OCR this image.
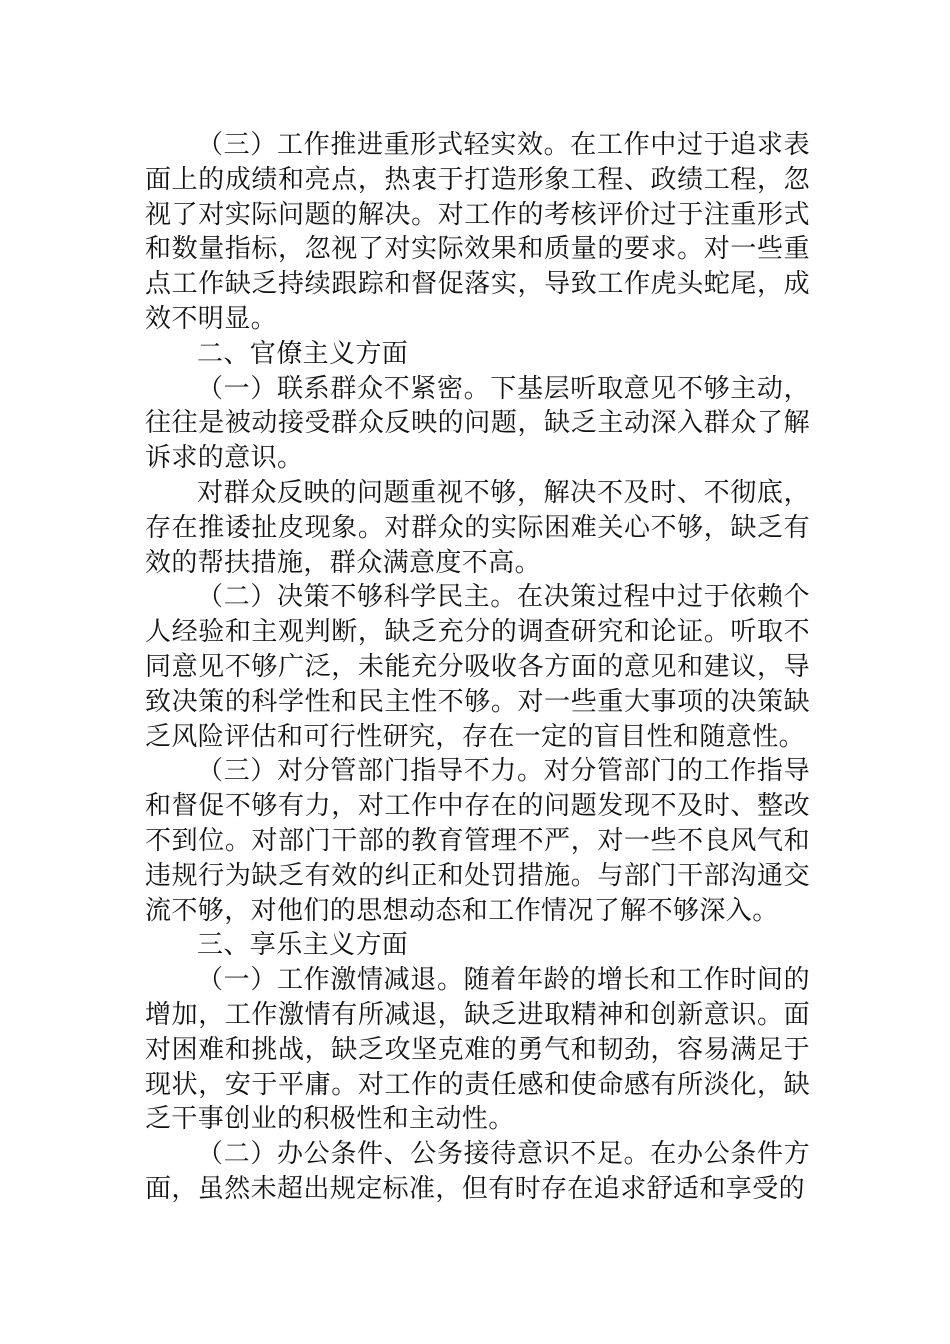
（三）工作推进重形式轻实效。在工作中过于追求表面上的成绩和亮点，热衷于打造形象工程、政绩工程，忽视了对实际问题的解决。对工作的考核评价过于注重形式和数量指标，忽视了对实际效果和质量的要求。对一些重点工作缺乏持续跟踪和督促落实，导致工作虎头蛇尾，成效不明显。

二、官僚主义方面

（一）联系群众不紧密。下基层听取意见不够主动，往往是被动接受群众反映的问题，缺乏主动深入群众了解诉求的意识。

对群众反映的问题重视不够，解决不及时、不彻底，存在推诿扯皮现象。对群众的实际困难关心不够，缺乏有效的帮扶措施，群众满意度不高。

（二）决策不够科学民主。在决策过程中过于依赖个人经验和主观判断，缺乏充分的调查研究和论证。听取不同意见不够广泛，未能充分吸收各方面的意见和建议，导致决策的科学性和民主性不够。对一些重大事项的决策缺乏风险评估和可行性研究，存在一定的盲目性和随意性。

（三）对分管部门指导不力。对分管部门的工作指导和督促不够有力，对工作中存在的问题发现不及时、整改不到位。对部门干部的教育管理不严，对一些不良风气和违规行为缺乏有效的纠正和处罚措施。与部门干部沟通交流不够，对他们的思想动态和工作情况了解不够深入。

三、享乐主义方面

（一）工作激情减退。随着年龄的增长和工作时间的增加，工作激情有所减退，缺乏进取精神和创新意识。面对困难和挑战，缺乏攻坚克难的勇气和韧劲，容易满足于现状，安于平庸。对工作的责任感和使命感有所淡化，缺乏干事创业的积极性和主动性。

（二）办公条件、公务接待意识不足。在办公条件方面，虽然未超出规定标准，但有时存在追求舒适和享受的
